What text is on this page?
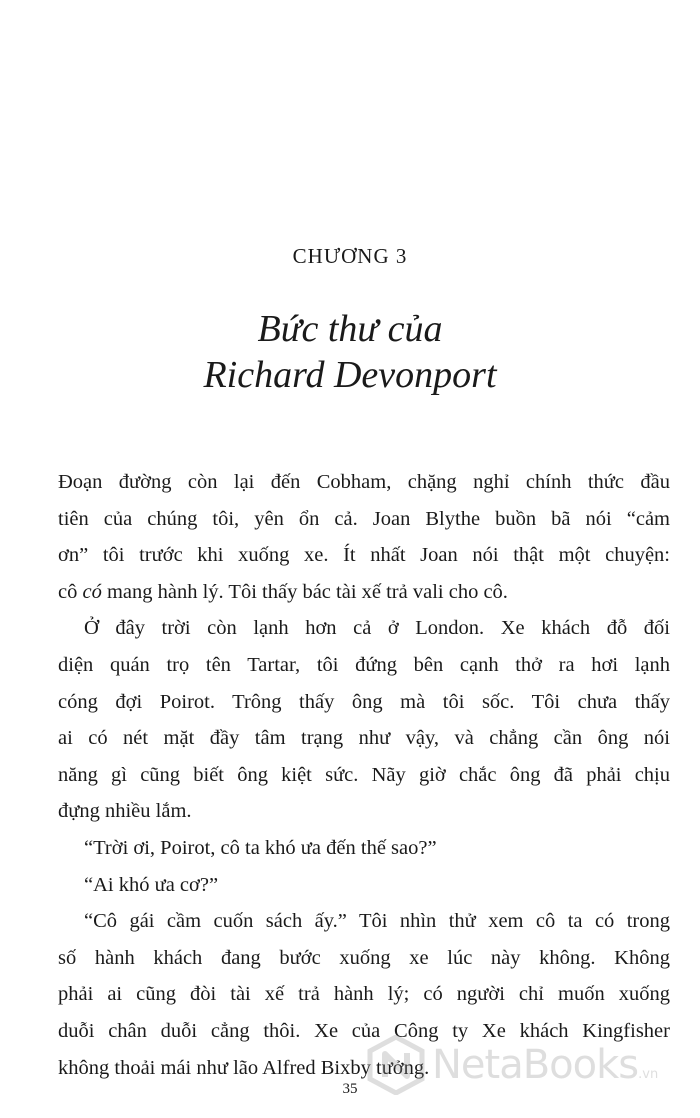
CHƯƠNG 3
Bức thư của
Richard Devonport
Đoạn đường còn lại đến Cobham, chặng nghỉ chính thức đầu
tiên của chúng tôi, yên ổn cả. Joan Blythe buồn bã nói “cảm
ơn” tôi trước khi xuống xe. Ít nhất Joan nói thật một chuyện:
cô có mang hành lý. Tôi thấy bác tài xế trả vali cho cô.
Ở đây trời còn lạnh hơn cả ở London. Xe khách đỗ đối
diện quán trọ tên Tartar, tôi đứng bên cạnh thở ra hơi lạnh
cóng đợi Poirot. Trông thấy ông mà tôi sốc. Tôi chưa thấy
ai có nét mặt đầy tâm trạng như vậy, và chẳng cần ông nói
năng gì cũng biết ông kiệt sức. Nãy giờ chắc ông đã phải chịu
đựng nhiều lắm.
“Trời ơi, Poirot, cô ta khó ưa đến thế sao?”
“Ai khó ưa cơ?”
“Cô gái cầm cuốn sách ấy.” Tôi nhìn thử xem cô ta có trong
số hành khách đang bước xuống xe lúc này không. Không
phải ai cũng đòi tài xế trả hành lý; có người chỉ muốn xuống
duỗi chân duỗi cẳng thôi. Xe của Công ty Xe khách Kingfisher
không thoải mái như lão Alfred Bixby tưởng. NetaBooks .vn
35
